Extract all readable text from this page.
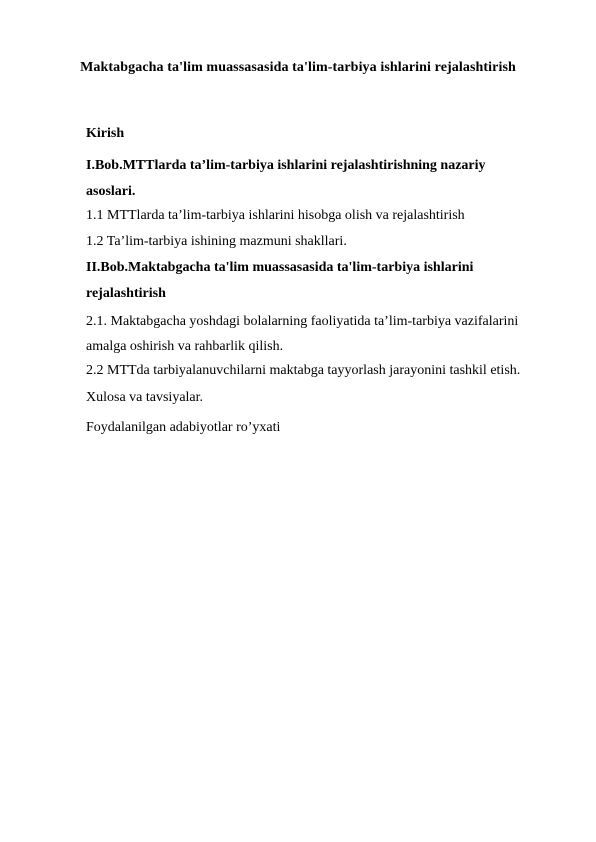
Maktabgacha ta'lim muassasasida ta'lim-tarbiya ishlarini rejalashtirish
Kirish
I.Bob.MTTlarda ta’lim-tarbiya ishlarini rejalashtirishning nazariy
asoslari.
1.1 MTTlarda ta’lim-tarbiya ishlarini hisobga olish va rejalashtirish
1.2 Ta’lim-tarbiya ishining mazmuni shakllari.
II.Bob.Maktabgacha ta'lim muassasasida ta'lim-tarbiya ishlarini
rejalashtirish
2.1. Maktabgacha yoshdagi bolalarning faoliyatida ta’lim-tarbiya vazifalarini
amalga oshirish va rahbarlik qilish.
2.2 MTTda tarbiyalanuvchilarni maktabga tayyorlash jarayonini tashkil etish.
Xulosa va tavsiyalar.
Foydalanilgan adabiyotlar ro’yxati
